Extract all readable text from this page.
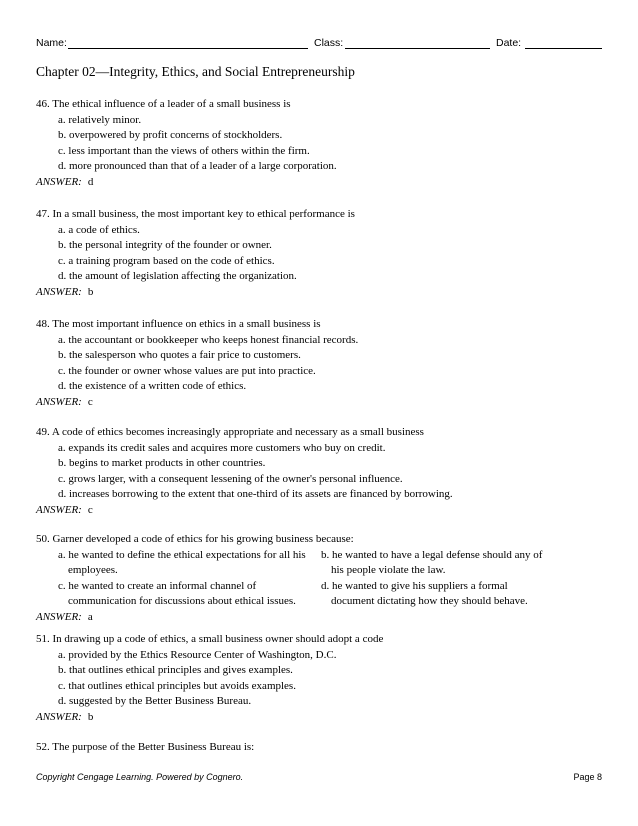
Name:	Class:	Date:
Chapter 02—Integrity, Ethics, and Social Entrepreneurship
46. The ethical influence of a leader of a small business is
a. relatively minor.
b. overpowered by profit concerns of stockholders.
c. less important than the views of others within the firm.
d. more pronounced than that of a leader of a large corporation.
ANSWER: d
47. In a small business, the most important key to ethical performance is
a. a code of ethics.
b. the personal integrity of the founder or owner.
c. a training program based on the code of ethics.
d. the amount of legislation affecting the organization.
ANSWER: b
48. The most important influence on ethics in a small business is
a. the accountant or bookkeeper who keeps honest financial records.
b. the salesperson who quotes a fair price to customers.
c. the founder or owner whose values are put into practice.
d. the existence of a written code of ethics.
ANSWER: c
49. A code of ethics becomes increasingly appropriate and necessary as a small business
a. expands its credit sales and acquires more customers who buy on credit.
b. begins to market products in other countries.
c. grows larger, with a consequent lessening of the owner's personal influence.
d. increases borrowing to the extent that one-third of its assets are financed by borrowing.
ANSWER: c
50. Garner developed a code of ethics for his growing business because:
a. he wanted to define the ethical expectations for all his
employees.
c. he wanted to create an informal channel of
communication for discussions about ethical issues.
b. he wanted to have a legal defense should any of
his people violate the law.
d. he wanted to give his suppliers a formal
document dictating how they should behave.
ANSWER: a
51. In drawing up a code of ethics, a small business owner should adopt a code
a. provided by the Ethics Resource Center of Washington, D.C.
b. that outlines ethical principles and gives examples.
c. that outlines ethical principles but avoids examples.
d. suggested by the Better Business Bureau.
ANSWER: b
52. The purpose of the Better Business Bureau is:
Copyright Cengage Learning. Powered by Cognero.	Page 8
